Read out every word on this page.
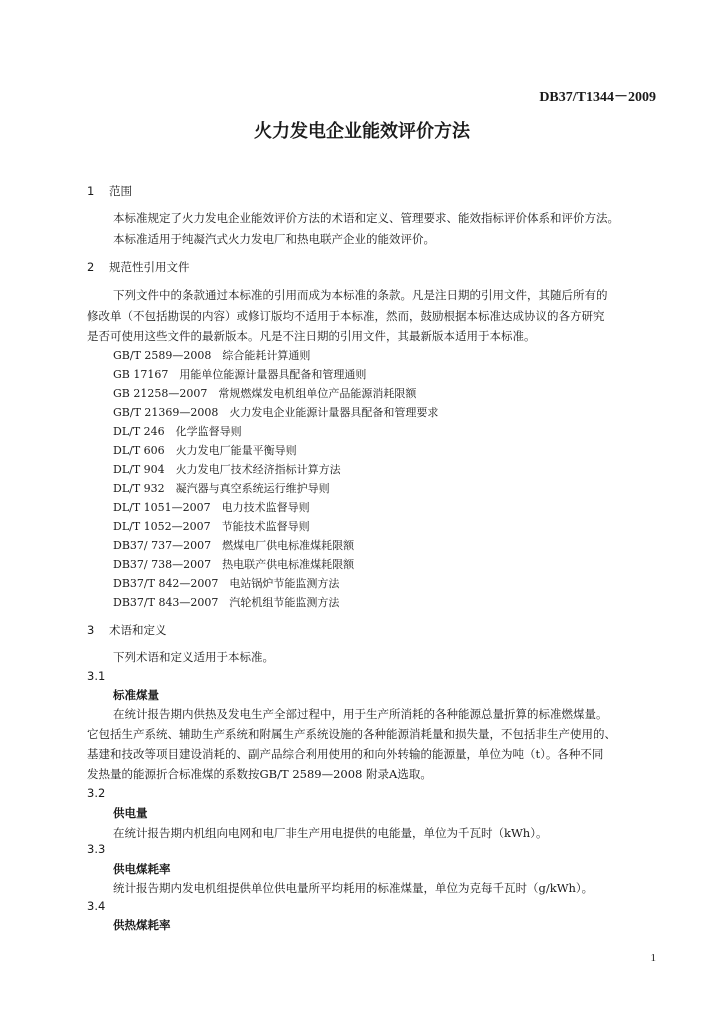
DB37/T1344－2009
火力发电企业能效评价方法
1 范围
本标准规定了火力发电企业能效评价方法的术语和定义、管理要求、能效指标评价体系和评价方法。
本标准适用于纯凝汽式火力发电厂和热电联产企业的能效评价。
2 规范性引用文件
下列文件中的条款通过本标准的引用而成为本标准的条款。凡是注日期的引用文件，其随后所有的
修改单（不包括勘误的内容）或修订版均不适用于本标准，然而，鼓励根据本标准达成协议的各方研究
是否可使用这些文件的最新版本。凡是不注日期的引用文件，其最新版本适用于本标准。
GB/T 2589—2008　综合能耗计算通则
GB 17167　用能单位能源计量器具配备和管理通则
GB 21258—2007　常规燃煤发电机组单位产品能源消耗限额
GB/T 21369—2008　火力发电企业能源计量器具配备和管理要求
DL/T 246　化学监督导则
DL/T 606　火力发电厂能量平衡导则
DL/T 904　火力发电厂技术经济指标计算方法
DL/T 932　凝汽器与真空系统运行维护导则
DL/T 1051—2007　电力技术监督导则
DL/T 1052—2007　节能技术监督导则
DB37/ 737—2007　燃煤电厂供电标准煤耗限额
DB37/ 738—2007　热电联产供电标准煤耗限额
DB37/T 842—2007　电站锅炉节能监测方法
DB37/T 843—2007　汽轮机组节能监测方法
3 术语和定义
下列术语和定义适用于本标准。
3.1
标准煤量
在统计报告期内供热及发电生产全部过程中，用于生产所消耗的各种能源总量折算的标准燃煤量。
它包括生产系统、辅助生产系统和附属生产系统设施的各种能源消耗量和损失量，不包括非生产使用的、
基建和技改等项目建设消耗的、副产品综合利用使用的和向外转输的能源量，单位为吨（t）。各种不同
发热量的能源折合标准煤的系数按GB/T 2589—2008 附录A选取。
3.2
供电量
在统计报告期内机组向电网和电厂非生产用电提供的电能量，单位为千瓦时（kWh）。
3.3
供电煤耗率
统计报告期内发电机组提供单位供电量所平均耗用的标准煤量，单位为克每千瓦时（g/kWh）。
3.4
供热煤耗率
1
